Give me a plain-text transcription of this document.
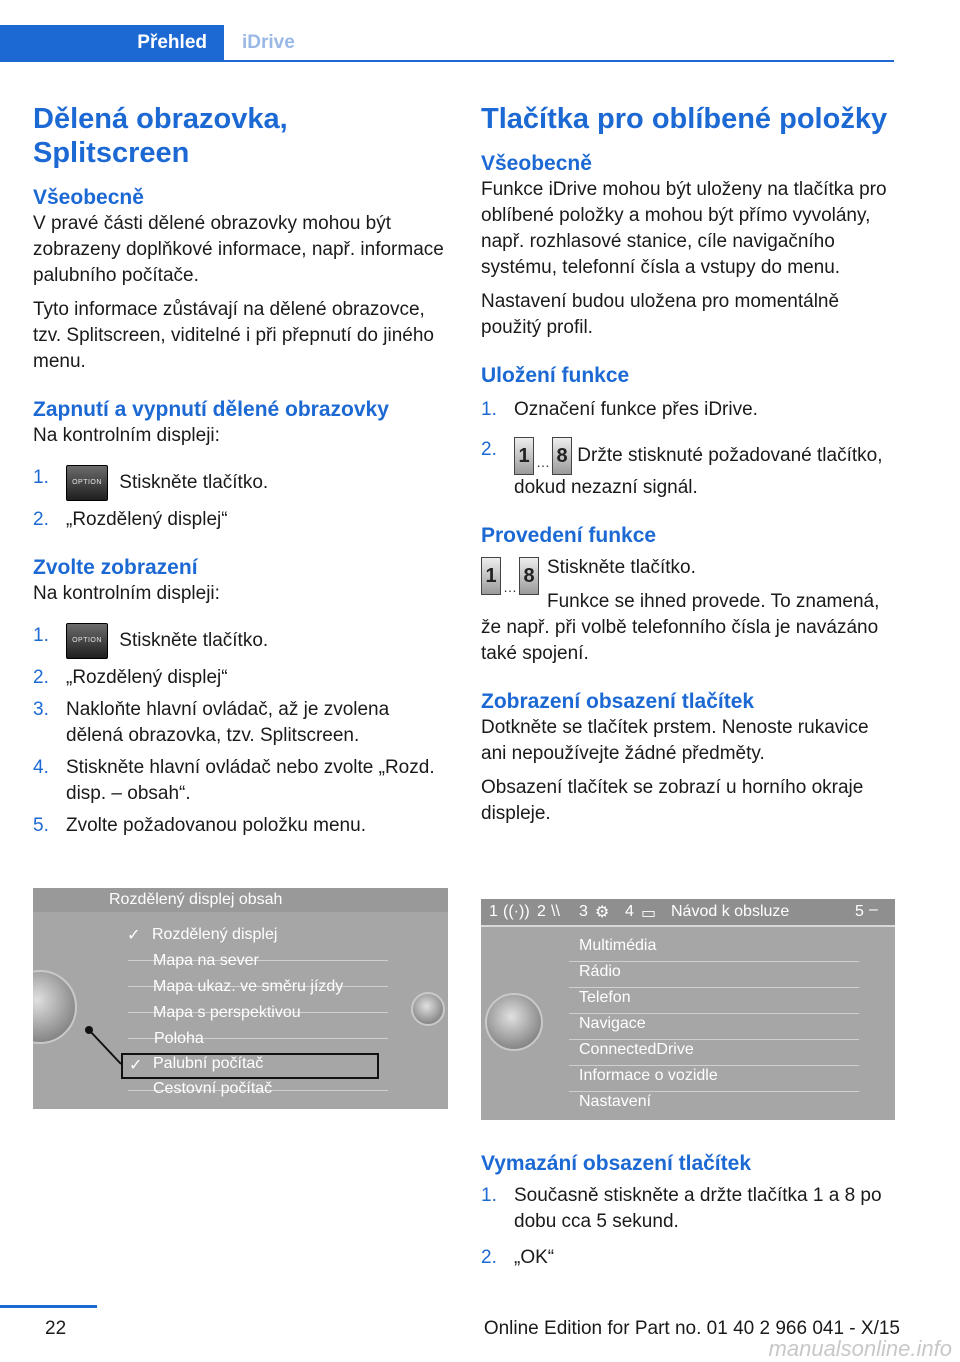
Přehled	iDrive
Dělená obrazovka, Splitscreen
Všeobecně

V pravé části dělené obrazovky mohou být zobrazeny doplňkové informace, např. informace palubního počítače.

Tyto informace zůstávají na dělené obrazovce, tzv. Splitscreen, viditelné i při přepnutí do jiného menu.

Zapnutí a vypnutí dělené obrazovky

Na kontrolním displeji:

1.	OPTION Stiskněte tlačítko.
2. „Rozdělený displej“
Zvolte zobrazení

Na kontrolním displeji:

1.	OPTION Stiskněte tlačítko.
2. „Rozdělený displej“
3. Nakloňte hlavní ovládač, až je zvolena dělená obrazovka, tzv. Splitscreen.
4. Stiskněte hlavní ovládač nebo zvolte „Rozd. disp. – obsah“.
5. Zvolte požadovanou položku menu.
Rozdělený displej obsah
✓ Rozdělený displej
Mapa na sever
Mapa ukaz. ve směru jízdy
Mapa s perspektivou
Poloha
✓ Palubní počítač
Cestovní počítač
Tlačítka pro oblíbené položky
Všeobecně

Funkce iDrive mohou být uloženy na tlačítka pro oblíbené položky a mohou být přímo vyvolány, např. rozhlasové stanice, cíle navigačního systému, telefonní čísla a vstupy do menu.

Nastavení budou uložena pro momentálně použitý profil.

Uložení funkce
1. Označení funkce přes iDrive.
2. 1 … 8 Držte stisknuté požadované tlačítko, dokud nezazní signál.
Provedení funkce
1 … 8 Stiskněte tlačítko.

Funkce se ihned provede. To znamená, že např. při volbě telefonního čísla je navázáno také spojení.

Zobrazení obsazení tlačítek

Dotkněte se tlačítek prstem. Nenoste rukavice ani nepoužívejte žádné předměty.

Obsazení tlačítek se zobrazí u horního okraje displeje.

1 ((·)) 2 \\ 3 ⚙ 4 ▭ Návod k obsluze	5 –
Multimédia
Rádio
Telefon
Navigace
ConnectedDrive
Informace o vozidle
Nastavení
Vymazání obsazení tlačítek
1. Současně stiskněte a držte tlačítka 1 a 8 po dobu cca 5 sekund.
2. „OK“
22	Online Edition for Part no. 01 40 2 966 041 - X/15
manualsonline.info
